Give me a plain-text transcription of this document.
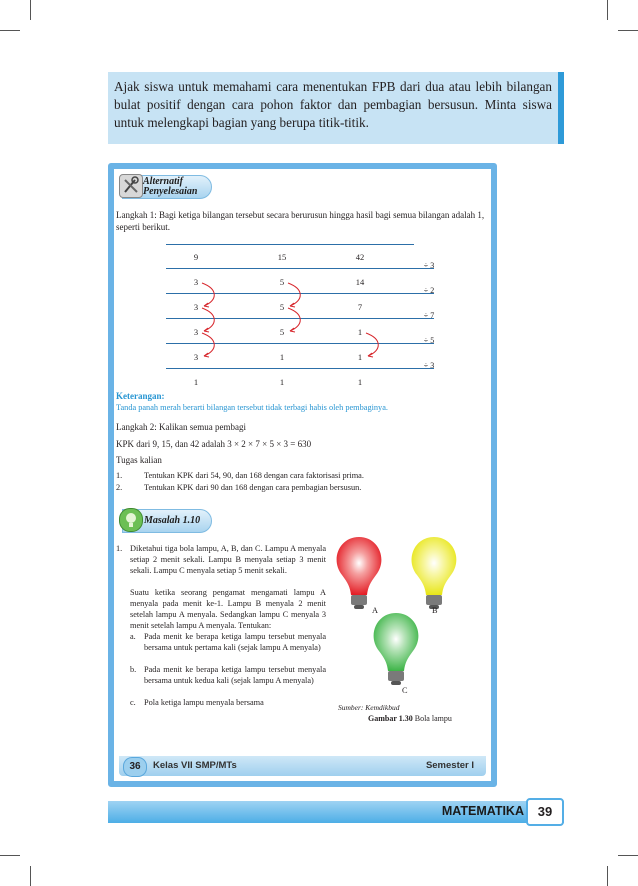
Ajak siswa untuk memahami cara menentukan FPB dari dua atau lebih bilangan bulat positif dengan cara pohon faktor dan pembagian bersusun. Minta siswa untuk melengkapi bagian yang berupa titik-titik.
Alternatif
Penyelesaian
Langkah 1: Bagi ketiga bilangan tersebut secara berurusun hingga hasil bagi semua bilangan adalah 1, seperti berikut.
9	15	42
÷ 3
3	5	14
÷ 2
3	5	7
÷ 7
3	5	1
÷ 5
3	1	1
÷ 3
1	1	1
Keterangan:
Tanda panah merah berarti bilangan tersebut tidak terbagi habis oleh pembaginya.
Langkah 2: Kalikan semua pembagi
KPK dari 9, 15, dan 42 adalah 3 × 2 × 7 × 5 × 3 = 630
Tugas kalian
1.	Tentukan KPK dari 54, 90, dan 168 dengan cara faktorisasi prima.
2.	Tentukan KPK dari 90 dan 168 dengan cara pembagian bersusun.
Masalah 1.10
1. Diketahui tiga bola lampu, A, B, dan C. Lampu A menyala setiap 2 menit sekali. Lampu B menyala setiap 3 menit sekali. Lampu C menyala setiap 5 menit sekali.
Suatu ketika seorang pengamat mengamati lampu A menyala pada menit ke-1. Lampu B menyala 2 menit setelah lampu A menyala. Sedangkan lampu C menyala 3 menit setelah lampu A menyala. Tentukan:
a. Pada menit ke berapa ketiga lampu tersebut menyala bersama untuk pertama kali (sejak lampu A menyala)
b. Pada menit ke berapa ketiga lampu tersebut menyala bersama untuk kedua kali (sejak lampu A menyala)
c. Pola ketiga lampu menyala bersama
A	B
C
Sumber: Kemdikbud
Gambar 1.30 Bola lampu
36	Kelas VII SMP/MTs	Semester I
MATEMATIKA	39
